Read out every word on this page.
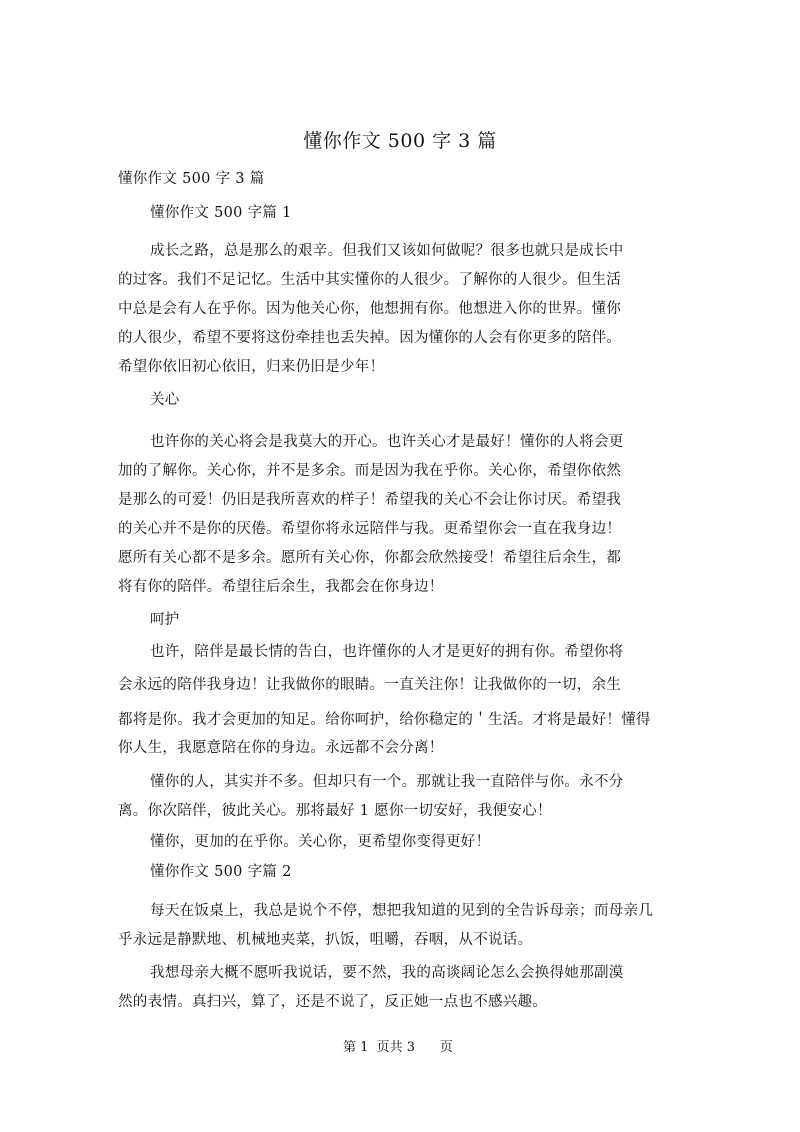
懂你作文 500 字 3 篇
懂你作文 500 字 3 篇
懂你作文 500 字篇 1
成长之路，总是那么的艰辛。但我们又该如何做呢？很多也就只是成长中
的过客。我们不足记忆。生活中其实懂你的人很少。了解你的人很少。但生活
中总是会有人在乎你。因为他关心你，他想拥有你。他想进入你的世界。懂你
的人很少，希望不要将这份牵挂也丢失掉。因为懂你的人会有你更多的陪伴。
希望你依旧初心依旧，归来仍旧是少年！
关心
也许你的关心将会是我莫大的开心。也许关心才是最好！懂你的人将会更
加的了解你。关心你，并不是多余。而是因为我在乎你。关心你，希望你依然
是那么的可爱！仍旧是我所喜欢的样子！希望我的关心不会让你讨厌。希望我
的关心并不是你的厌倦。希望你将永远陪伴与我。更希望你会一直在我身边！
愿所有关心都不是多余。愿所有关心你，你都会欣然接受！希望往后余生，都
将有你的陪伴。希望往后余生，我都会在你身边！
呵护
也许，陪伴是最长情的告白，也许懂你的人才是更好的拥有你。希望你将
会永远的陪伴我身边！让我做你的眼睛。一直关注你！让我做你的一切，余生
都将是你。我才会更加的知足。给你呵护，给你稳定的＇生活。才将是最好！懂得
你人生，我愿意陪在你的身边。永远都不会分离！
懂你的人，其实并不多。但却只有一个。那就让我一直陪伴与你。永不分
离。你次陪伴，彼此关心。那将最好 1 愿你一切安好，我便安心！
懂你，更加的在乎你。关心你，更希望你变得更好！
懂你作文 500 字篇 2
每天在饭桌上，我总是说个不停，想把我知道的见到的全告诉母亲；而母亲几
乎永远是静默地、机械地夹菜，扒饭，咀嚼，吞咽，从不说话。
我想母亲大概不愿听我说话，要不然，我的高谈阔论怎么会换得她那副漠
然的表情。真扫兴，算了，还是不说了，反正她一点也不感兴趣。
第 1  页共 3      页
